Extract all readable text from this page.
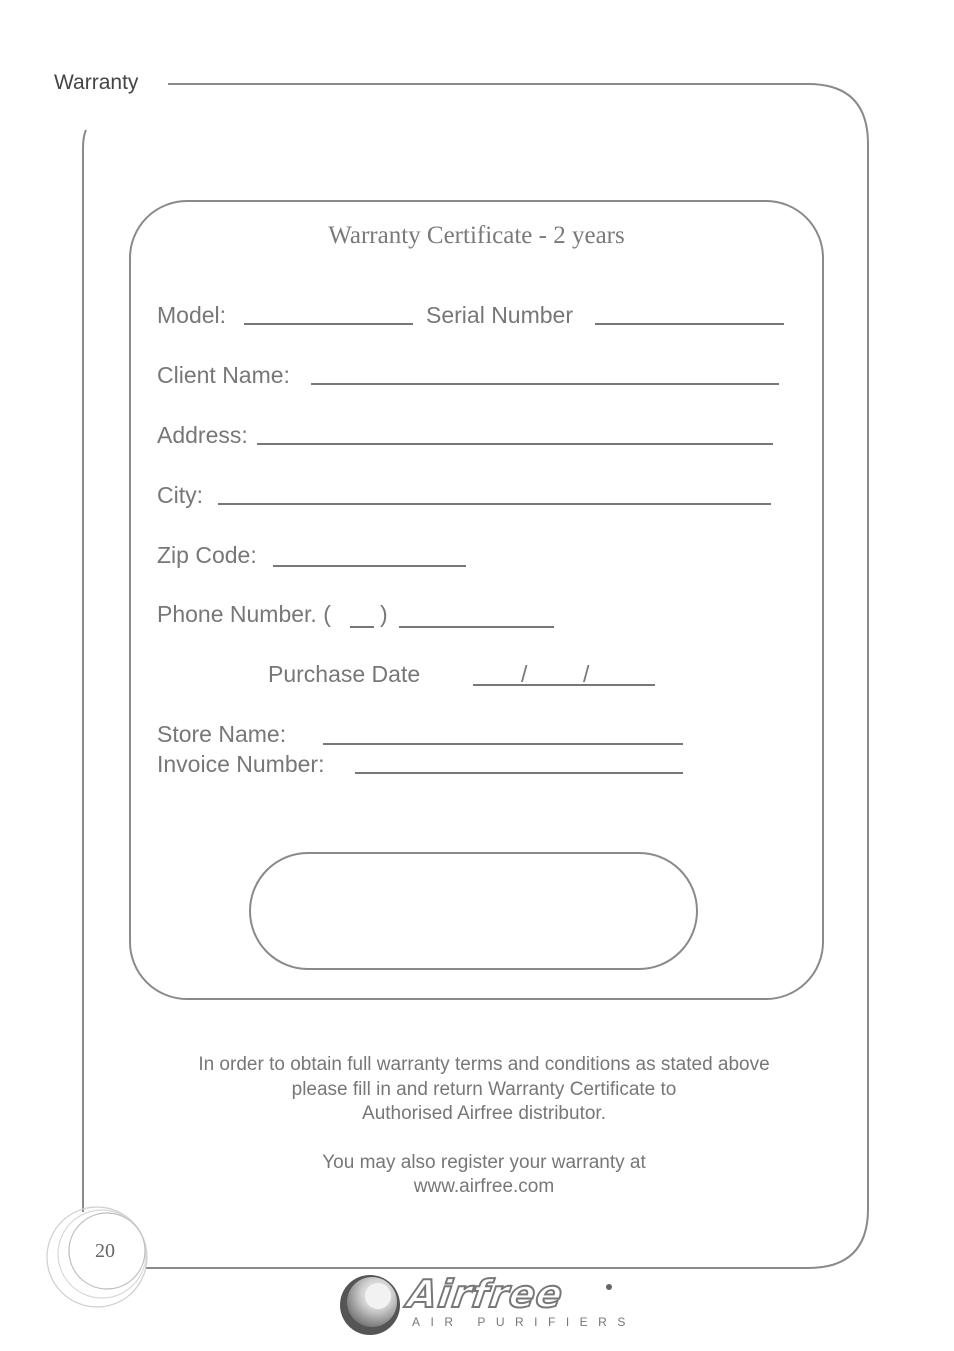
Warranty
Warranty Certificate - 2 years
Model:	Serial Number
Client Name:
Address:
City:
Zip Code:
Phone Number. ( )
Purchase Date	/ /
Store Name:
Invoice Number:
In order to obtain full warranty terms and conditions as stated above
please fill in and return Warranty Certificate to
Authorised Airfree distributor.
You may also register your warranty at
www.airfree.com
20
Airfree
AIR PURIFIERS
